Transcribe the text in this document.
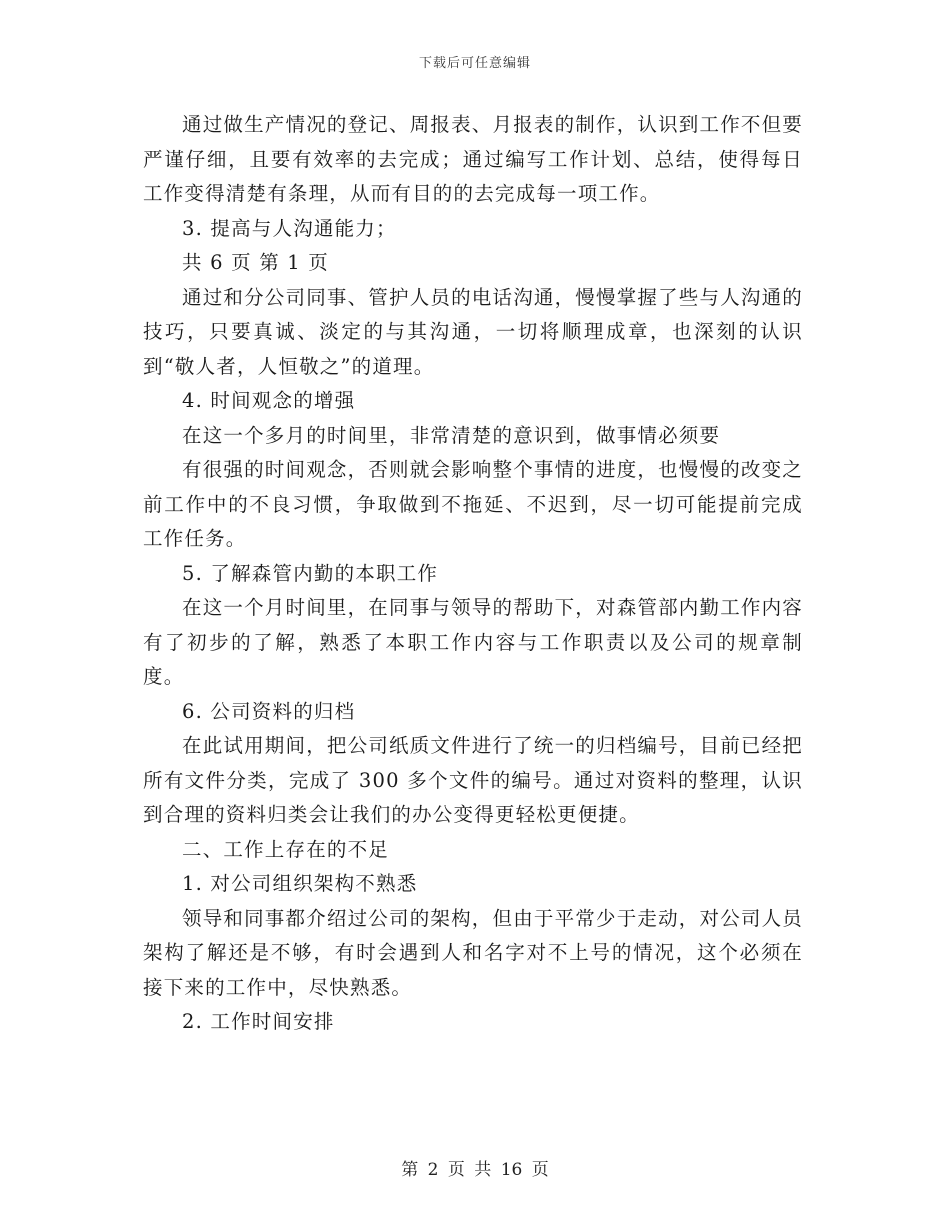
下载后可任意编辑

通过做生产情况的登记、周报表、月报表的制作，认识到工作不但要严谨仔细，且要有效率的去完成；通过编写工作计划、总结，使得每日工作变得清楚有条理，从而有目的的去完成每一项工作。

3. 提高与人沟通能力；

共 6 页 第 1 页

通过和分公司同事、管护人员的电话沟通，慢慢掌握了些与人沟通的技巧，只要真诚、淡定的与其沟通，一切将顺理成章，也深刻的认识到“敬人者，人恒敬之”的道理。

4. 时间观念的增强

在这一个多月的时间里，非常清楚的意识到，做事情必须要

有很强的时间观念，否则就会影响整个事情的进度，也慢慢的改变之前工作中的不良习惯，争取做到不拖延、不迟到，尽一切可能提前完成工作任务。

5. 了解森管内勤的本职工作

在这一个月时间里，在同事与领导的帮助下，对森管部内勤工作内容有了初步的了解，熟悉了本职工作内容与工作职责以及公司的规章制度。

6. 公司资料的归档

在此试用期间，把公司纸质文件进行了统一的归档编号，目前已经把所有文件分类，完成了 300 多个文件的编号。通过对资料的整理，认识到合理的资料归类会让我们的办公变得更轻松更便捷。

二、工作上存在的不足

1. 对公司组织架构不熟悉

领导和同事都介绍过公司的架构，但由于平常少于走动，对公司人员架构了解还是不够，有时会遇到人和名字对不上号的情况，这个必须在接下来的工作中，尽快熟悉。

2. 工作时间安排

第 2 页 共 16 页
